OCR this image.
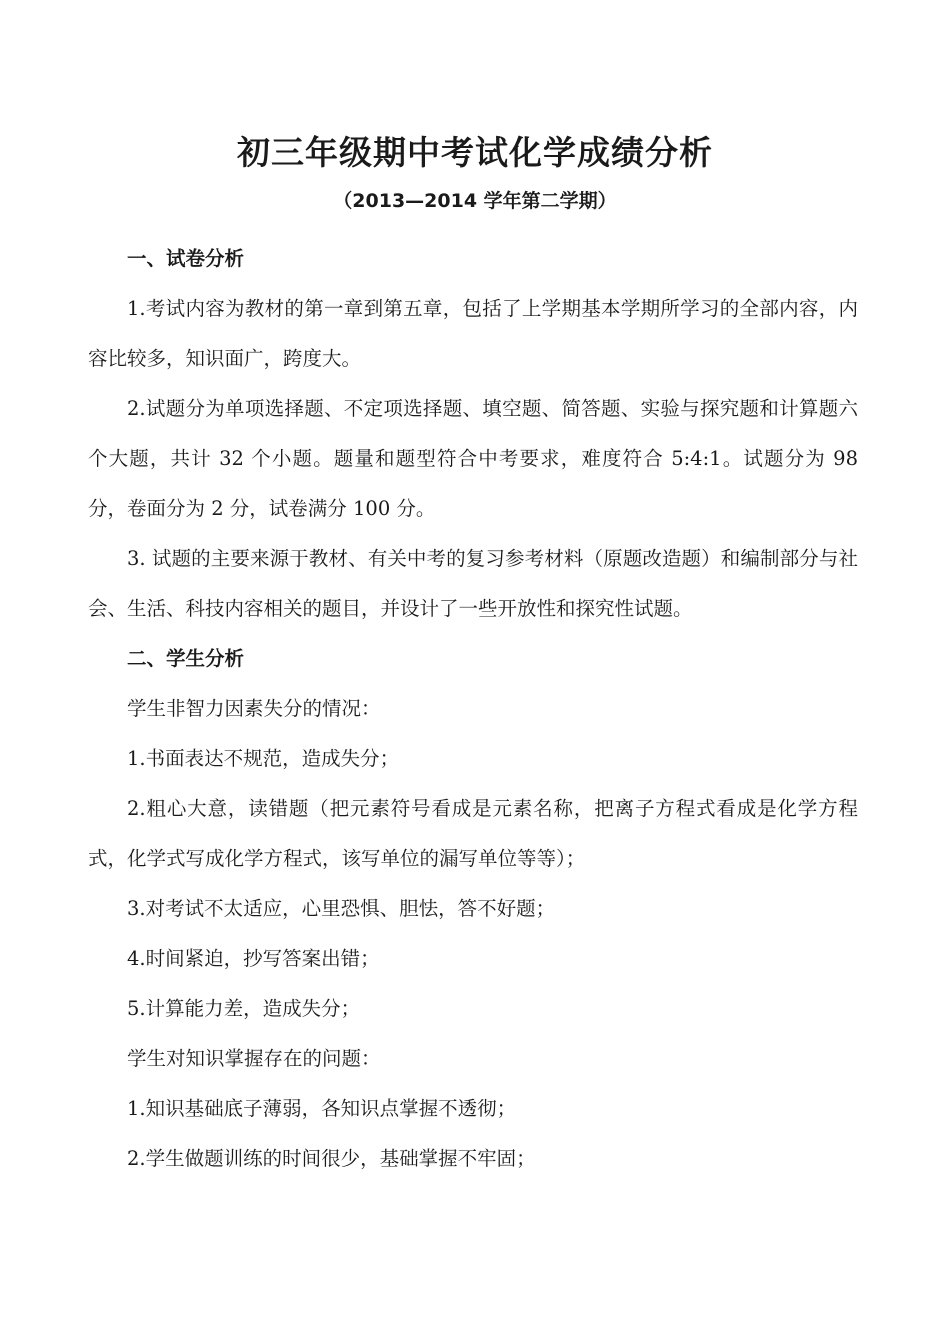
初三年级期中考试化学成绩分析
（2013—2014 学年第二学期）

一、试卷分析

1.考试内容为教材的第一章到第五章，包括了上学期基本学期所学习的全部内容，内容比较多，知识面广，跨度大。

2.试题分为单项选择题、不定项选择题、填空题、简答题、实验与探究题和计算题六个大题，共计 32 个小题。题量和题型符合中考要求，难度符合 5:4:1。试题分为 98 分，卷面分为 2 分，试卷满分 100 分。

3. 试题的主要来源于教材、有关中考的复习参考材料（原题改造题）和编制部分与社会、生活、科技内容相关的题目，并设计了一些开放性和探究性试题。

二、学生分析

学生非智力因素失分的情况：

1.书面表达不规范，造成失分；

2.粗心大意，读错题（把元素符号看成是元素名称，把离子方程式看成是化学方程式，化学式写成化学方程式，该写单位的漏写单位等等）；

3.对考试不太适应，心里恐惧、胆怯，答不好题；

4.时间紧迫，抄写答案出错；

5.计算能力差，造成失分；

学生对知识掌握存在的问题：

1.知识基础底子薄弱，各知识点掌握不透彻；

2.学生做题训练的时间很少，基础掌握不牢固；
